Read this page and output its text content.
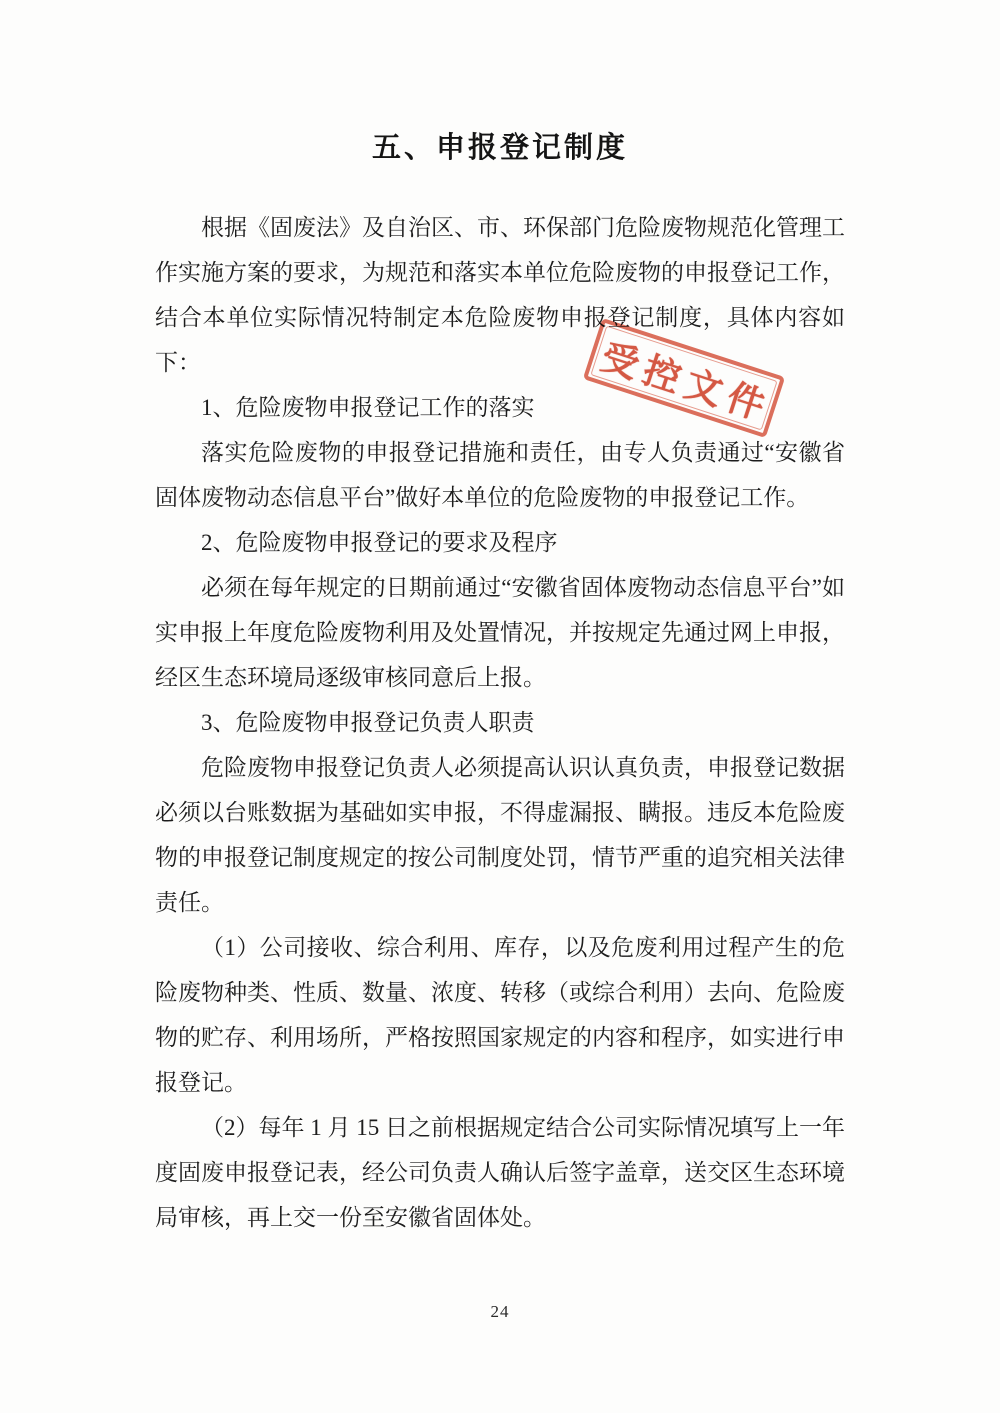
五、申报登记制度

根据《固废法》及自治区、市、环保部门危险废物规范化管理工作实施方案的要求，为规范和落实本单位危险废物的申报登记工作，结合本单位实际情况特制定本危险废物申报登记制度，具体内容如下：

1、危险废物申报登记工作的落实

落实危险废物的申报登记措施和责任，由专人负责通过“安徽省固体废物动态信息平台”做好本单位的危险废物的申报登记工作。

2、危险废物申报登记的要求及程序

必须在每年规定的日期前通过“安徽省固体废物动态信息平台”如实申报上年度危险废物利用及处置情况，并按规定先通过网上申报，经区生态环境局逐级审核同意后上报。

3、危险废物申报登记负责人职责

危险废物申报登记负责人必须提高认识认真负责，申报登记数据必须以台账数据为基础如实申报，不得虚漏报、瞒报。违反本危险废物的申报登记制度规定的按公司制度处罚，情节严重的追究相关法律责任。

（1）公司接收、综合利用、库存，以及危废利用过程产生的危险废物种类、性质、数量、浓度、转移（或综合利用）去向、危险废物的贮存、利用场所，严格按照国家规定的内容和程序，如实进行申报登记。

（2）每年 1 月 15 日之前根据规定结合公司实际情况填写上一年度固废申报登记表，经公司负责人确认后签字盖章，送交区生态环境局审核，再上交一份至安徽省固体处。

受控文件
24
